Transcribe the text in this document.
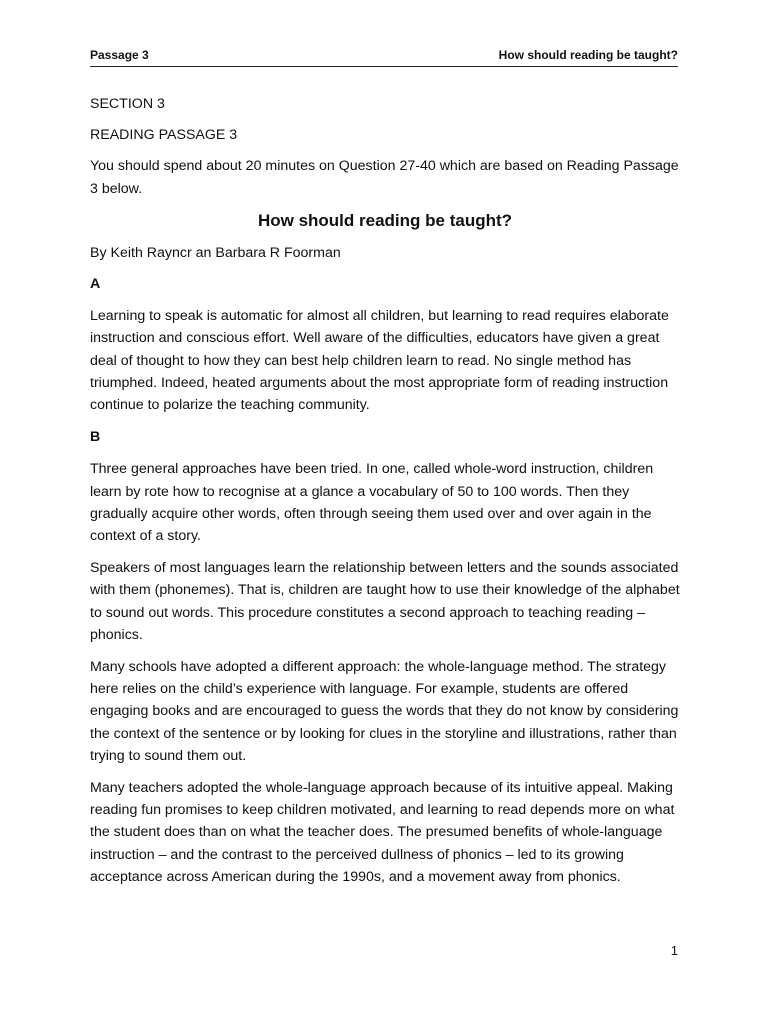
Passage 3	How should reading be taught?

SECTION 3

READING PASSAGE 3

You should spend about 20 minutes on Question 27-40 which are based on Reading Passage 3 below.

How should reading be taught?

By Keith Rayncr an Barbara R Foorman

A

Learning to speak is automatic for almost all children, but learning to read requires elaborate instruction and conscious effort. Well aware of the difficulties, educators have given a great deal of thought to how they can best help children learn to read. No single method has triumphed. Indeed, heated arguments about the most appropriate form of reading instruction continue to polarize the teaching community.

B

Three general approaches have been tried. In one, called whole-word instruction, children learn by rote how to recognise at a glance a vocabulary of 50 to 100 words. Then they gradually acquire other words, often through seeing them used over and over again in the context of a story.

Speakers of most languages learn the relationship between letters and the sounds associated with them (phonemes). That is, children are taught how to use their knowledge of the alphabet to sound out words. This procedure constitutes a second approach to teaching reading – phonics.

Many schools have adopted a different approach: the whole-language method. The strategy here relies on the child’s experience with language. For example, students are offered engaging books and are encouraged to guess the words that they do not know by considering the context of the sentence or by looking for clues in the storyline and illustrations, rather than trying to sound them out.

Many teachers adopted the whole-language approach because of its intuitive appeal. Making reading fun promises to keep children motivated, and learning to read depends more on what the student does than on what the teacher does. The presumed benefits of whole-language instruction – and the contrast to the perceived dullness of phonics – led to its growing acceptance across American during the 1990s, and a movement away from phonics.

1
